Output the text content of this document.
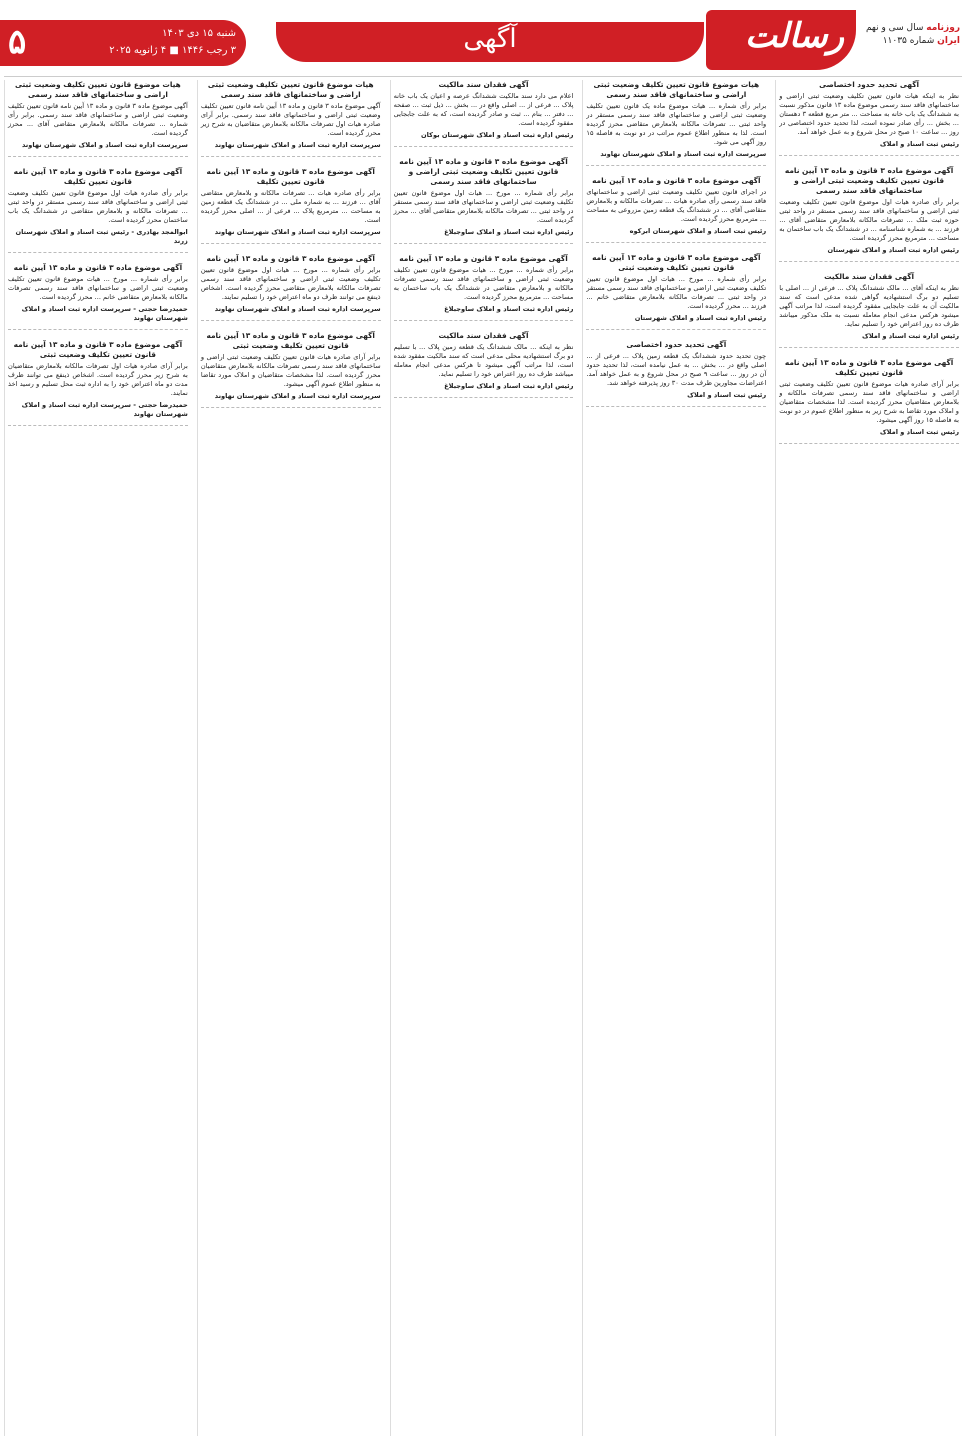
روزنامه سال سی و نهم
ایران شماره ۱۱۰۳۵
رسالت
آگهی
۵	شنبه ۱۵ دی ۱۴۰۳
۳ رجب ۱۴۴۶ ■ ۴ ژانویه ۲۰۲۵
آگهی تحدید حدود اختصاصی

نظر به اینکه هیات قانون تعیین تکلیف وضعیت ثبتی اراضی و ساختمانهای فاقد سند رسمی موضوع ماده ۱۳ قانون مذکور نسبت به ششدانگ یک باب خانه به مساحت ... متر مربع قطعه ۳ دهستان ... بخش ... رأی صادر نموده است، لذا تحدید حدود اختصاصی در روز ... ساعت ۱۰ صبح در محل شروع و به عمل خواهد آمد.

رئیس ثبت اسناد و املاک
آگهی موضوع ماده ۳ قانون و ماده ۱۳ آیین نامه قانون تعیین تکلیف وضعیت ثبتی اراضی و ساختمانهای فاقد سند رسمی

برابر رأی صادره هیات اول موضوع قانون تعیین تکلیف وضعیت ثبتی اراضی و ساختمانهای فاقد سند رسمی مستقر در واحد ثبتی حوزه ثبت ملک ... تصرفات مالکانه بلامعارض متقاضی آقای ... فرزند ... به شماره شناسنامه ... در ششدانگ یک باب ساختمان به مساحت ... مترمربع محرز گردیده است.

رئیس اداره ثبت اسناد و املاک شهرستان
آگهی فقدان سند مالکیت

نظر به اینکه آقای ... مالک ششدانگ پلاک ... فرعی از ... اصلی با تسلیم دو برگ استشهادیه گواهی شده مدعی است که سند مالکیت آن به علت جابجایی مفقود گردیده است، لذا مراتب آگهی میشود هرکس مدعی انجام معامله نسبت به ملک مذکور میباشد ظرف ده روز اعتراض خود را تسلیم نماید.

رئیس اداره ثبت اسناد و املاک
آگهی موضوع ماده ۳ قانون و ماده ۱۳ آیین نامه قانون تعیین تکلیف

برابر آرای صادره هیات موضوع قانون تعیین تکلیف وضعیت ثبتی اراضی و ساختمانهای فاقد سند رسمی تصرفات مالکانه و بلامعارض متقاضیان محرز گردیده است. لذا مشخصات متقاضیان و املاک مورد تقاضا به شرح زیر به منظور اطلاع عموم در دو نوبت به فاصله ۱۵ روز آگهی میشود.

رئیس ثبت اسناد و املاک
هیات موضوع قانون تعیین تکلیف وضعیت ثبتی اراضی و ساختمانهای فاقد سند رسمی

برابر رأی شماره ... هیات موضوع ماده یک قانون تعیین تکلیف وضعیت ثبتی اراضی و ساختمانهای فاقد سند رسمی مستقر در واحد ثبتی ... تصرفات مالکانه بلامعارض متقاضی محرز گردیده است. لذا به منظور اطلاع عموم مراتب در دو نوبت به فاصله ۱۵ روز آگهی می شود.

سرپرست اداره ثبت اسناد و املاک شهرستان نهاوند
آگهی موضوع ماده ۳ قانون و ماده ۱۳ آیین نامه

در اجرای قانون تعیین تکلیف وضعیت ثبتی اراضی و ساختمانهای فاقد سند رسمی رأی صادره هیات ... تصرفات مالکانه و بلامعارض متقاضی آقای ... در ششدانگ یک قطعه زمین مزروعی به مساحت ... مترمربع محرز گردیده است.

رئیس ثبت اسناد و املاک شهرستان ابرکوه
آگهی موضوع ماده ۳ قانون و ماده ۱۳ آیین نامه قانون تعیین تکلیف وضعیت ثبتی

برابر رأی شماره ... مورخ ... هیات اول موضوع قانون تعیین تکلیف وضعیت ثبتی اراضی و ساختمانهای فاقد سند رسمی مستقر در واحد ثبتی ... تصرفات مالکانه بلامعارض متقاضی خانم ... فرزند ... محرز گردیده است.

رئیس اداره ثبت اسناد و املاک شهرستان
آگهی تحدید حدود اختصاصی

چون تحدید حدود ششدانگ یک قطعه زمین پلاک ... فرعی از ... اصلی واقع در ... بخش ... به عمل نیامده است، لذا تحدید حدود آن در روز ... ساعت ۹ صبح در محل شروع و به عمل خواهد آمد. اعتراضات مجاورین ظرف مدت ۳۰ روز پذیرفته خواهد شد.

رئیس ثبت اسناد و املاک
آگهی فقدان سند مالکیت

اعلام می دارد سند مالکیت ششدانگ عرصه و اعیان یک باب خانه پلاک ... فرعی از ... اصلی واقع در ... بخش ... ذیل ثبت ... صفحه ... دفتر ... بنام ... ثبت و صادر گردیده است، که به علت جابجایی مفقود گردیده است.

رئیس اداره ثبت اسناد و املاک شهرستان بوکان
آگهی موضوع ماده ۳ قانون و ماده ۱۳ آیین نامه قانون تعیین تکلیف وضعیت ثبتی اراضی و ساختمانهای فاقد سند رسمی

برابر رأی شماره ... مورخ ... هیات اول موضوع قانون تعیین تکلیف وضعیت ثبتی اراضی و ساختمانهای فاقد سند رسمی مستقر در واحد ثبتی ... تصرفات مالکانه بلامعارض متقاضی آقای ... محرز گردیده است.

رئیس اداره ثبت اسناد و املاک ساوجبلاغ
آگهی موضوع ماده ۳ قانون و ماده ۱۳ آیین نامه

برابر رأی شماره ... مورخ ... هیات موضوع قانون تعیین تکلیف وضعیت ثبتی اراضی و ساختمانهای فاقد سند رسمی تصرفات مالکانه و بلامعارض متقاضی در ششدانگ یک باب ساختمان به مساحت ... مترمربع محرز گردیده است.

رئیس اداره ثبت اسناد و املاک ساوجبلاغ
آگهی فقدان سند مالکیت

نظر به اینکه ... مالک ششدانگ یک قطعه زمین پلاک ... با تسلیم دو برگ استشهادیه محلی مدعی است که سند مالکیت مفقود شده است، لذا مراتب آگهی میشود تا هرکس مدعی انجام معامله میباشد ظرف ده روز اعتراض خود را تسلیم نماید.

رئیس اداره ثبت اسناد و املاک ساوجبلاغ
هیات موضوع قانون تعیین تکلیف وضعیت ثبتی اراضی و ساختمانهای فاقد سند رسمی

آگهی موضوع ماده ۳ قانون و ماده ۱۳ آیین نامه قانون تعیین تکلیف وضعیت ثبتی اراضی و ساختمانهای فاقد سند رسمی. برابر آرای صادره هیات اول تصرفات مالکانه بلامعارض متقاضیان به شرح زیر محرز گردیده است.

سرپرست اداره ثبت اسناد و املاک شهرستان نهاوند
آگهی موضوع ماده ۳ قانون و ماده ۱۳ آیین نامه قانون تعیین تکلیف

برابر رأی صادره هیات ... تصرفات مالکانه و بلامعارض متقاضی آقای ... فرزند ... به شماره ملی ... در ششدانگ یک قطعه زمین به مساحت ... مترمربع پلاک ... فرعی از ... اصلی محرز گردیده است.

سرپرست اداره ثبت اسناد و املاک شهرستان نهاوند
آگهی موضوع ماده ۳ قانون و ماده ۱۳ آیین نامه

برابر رأی شماره ... مورخ ... هیات اول موضوع قانون تعیین تکلیف وضعیت ثبتی اراضی و ساختمانهای فاقد سند رسمی تصرفات مالکانه بلامعارض متقاضی محرز گردیده است. اشخاص ذینفع می توانند ظرف دو ماه اعتراض خود را تسلیم نمایند.

سرپرست اداره ثبت اسناد و املاک شهرستان نهاوند
آگهی موضوع ماده ۳ قانون و ماده ۱۳ آیین نامه قانون تعیین تکلیف وضعیت ثبتی

برابر آرای صادره هیات قانون تعیین تکلیف وضعیت ثبتی اراضی و ساختمانهای فاقد سند رسمی تصرفات مالکانه بلامعارض متقاضیان محرز گردیده است. لذا مشخصات متقاضیان و املاک مورد تقاضا به منظور اطلاع عموم آگهی میشود.

سرپرست اداره ثبت اسناد و املاک شهرستان نهاوند
هیات موضوع قانون تعیین تکلیف وضعیت ثبتی اراضی و ساختمانهای فاقد سند رسمی

آگهی موضوع ماده ۳ قانون و ماده ۱۳ آیین نامه قانون تعیین تکلیف وضعیت ثبتی اراضی و ساختمانهای فاقد سند رسمی. برابر رأی شماره ... تصرفات مالکانه بلامعارض متقاضی آقای ... محرز گردیده است.

سرپرست اداره ثبت اسناد و املاک شهرستان نهاوند
آگهی موضوع ماده ۳ قانون و ماده ۱۳ آیین نامه قانون تعیین تکلیف

برابر رأی صادره هیات اول موضوع قانون تعیین تکلیف وضعیت ثبتی اراضی و ساختمانهای فاقد سند رسمی مستقر در واحد ثبتی ... تصرفات مالکانه و بلامعارض متقاضی در ششدانگ یک باب ساختمان محرز گردیده است.

ابوالمجد بهادری - رئیس ثبت اسناد و املاک شهرستان زرند
آگهی موضوع ماده ۳ قانون و ماده ۱۳ آیین نامه

برابر رأی شماره ... مورخ ... هیات موضوع قانون تعیین تکلیف وضعیت ثبتی اراضی و ساختمانهای فاقد سند رسمی تصرفات مالکانه بلامعارض متقاضی خانم ... محرز گردیده است.

حمیدرضا حجتی - سرپرست اداره ثبت اسناد و املاک شهرستان نهاوند
آگهی موضوع ماده ۳ قانون و ماده ۱۳ آیین نامه قانون تعیین تکلیف وضعیت ثبتی

برابر آرای صادره هیات اول تصرفات مالکانه بلامعارض متقاضیان به شرح زیر محرز گردیده است. اشخاص ذینفع می توانند ظرف مدت دو ماه اعتراض خود را به اداره ثبت محل تسلیم و رسید اخذ نمایند.

حمیدرضا حجتی - سرپرست اداره ثبت اسناد و املاک شهرستان نهاوند
